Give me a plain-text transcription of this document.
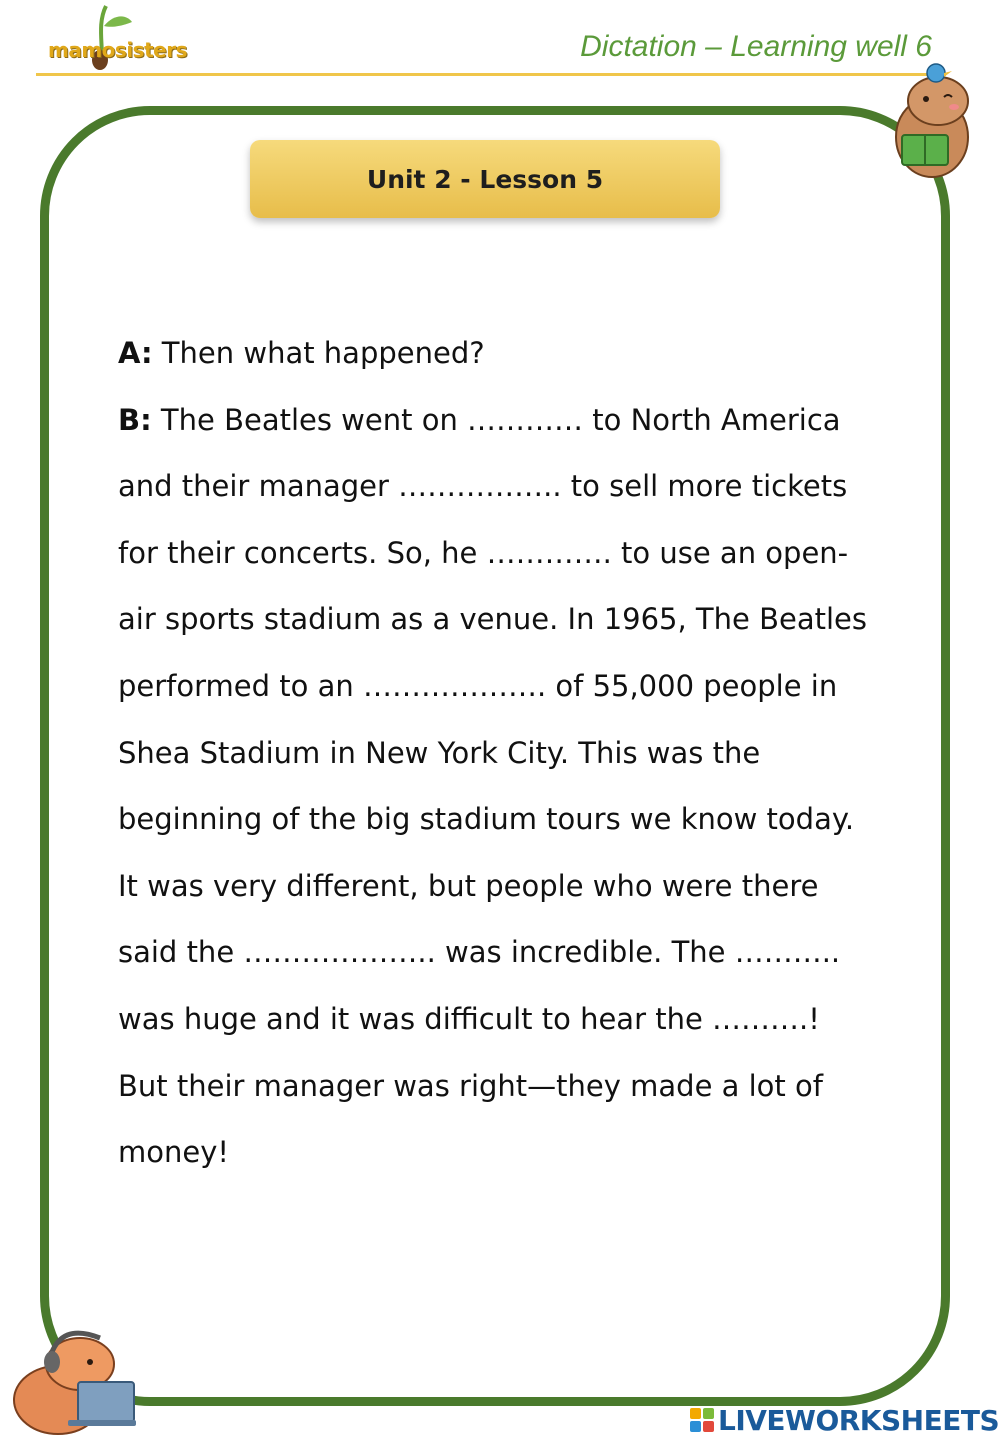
mamosisters	Dictation – Learning well 6
Unit 2 - Lesson 5
A: Then what happened?
B: The Beatles went on ………… to North America
and their manager …………….. to sell more tickets
for their concerts. So, he …………. to use an open-
air sports stadium as a venue. In 1965, The Beatles
performed to an ………………. of 55,000 people in
Shea Stadium in New York City. This was the
beginning of the big stadium tours we know today.
It was very different, but people who were there
said the ……………….. was incredible. The ………..
was huge and it was difficult to hear the ……….!
But their manager was right—they made a lot of
money!
LIVEWORKSHEETS
